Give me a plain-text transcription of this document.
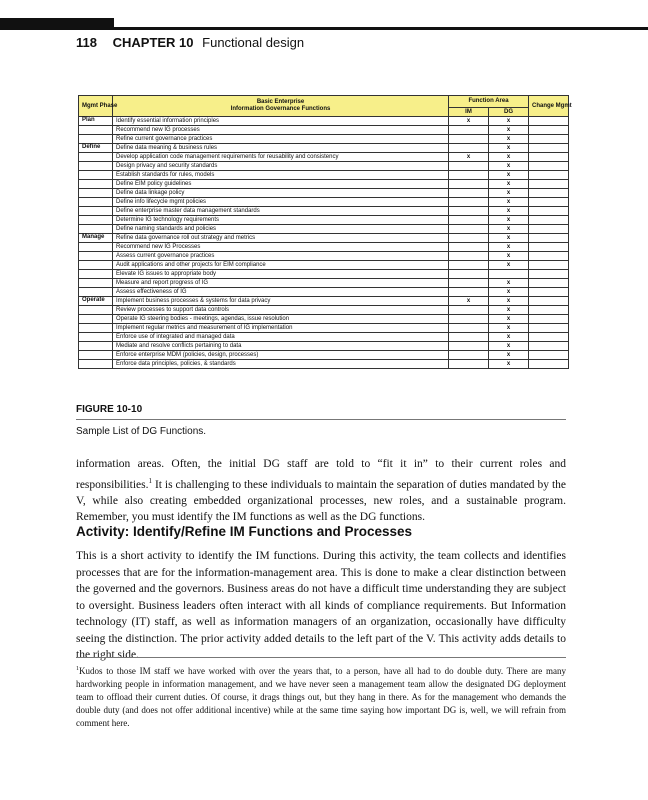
118 CHAPTER 10 Functional design
Mgmt Phase	Basic Enterprise
Information Governance Functions	Function Area		Change Mgmt
		IM	DG	
Plan	Identify essential information principles	x	x	
	Recommend new IG processes		x	
	Refine current governance practices		x	
Define	Define data meaning & business rules		x	
	Develop application code management requirements for reusability and consistency	x	x	
	Design privacy and security standards		x	
	Establish standards for rules, models		x	
	Define EIM policy guidelines		x	
	Define data linkage policy		x	
	Define info lifecycle mgmt policies		x	
	Define enterprise master data management standards		x	
	Determine IG technology requirements		x	
	Define naming standards and policies		x	
Manage	Refine data governance roll out strategy and metrics		x	
	Recommend new IG Processes		x	
	Assess current governance practices		x	
	Audit applications and other projects for EIM compliance		x	
	Elevate IG issues to appropriate body			
	Measure and report progress of IG		x	
	Assess effectiveness of IG		x	
Operate	Implement business processes & systems for data privacy	x	x	
	Review processes to support data controls		x	
	Operate IG steering bodies - meetings, agendas, issue resolution		x	
	Implement regular metrics and measurement of IG implementation		x	
	Enforce use of integrated and managed data		x	
	Mediate and resolve conflicts pertaining to data		x	
	Enforce enterprise MDM (policies, design, processes)		x	
	Enforce data principles, policies, & standards		x	
FIGURE 10-10
Sample List of DG Functions.

information areas. Often, the initial DG staff are told to “fit it in” to their current roles and responsibilities.$^1$ It is challenging to these individuals to maintain the separation of duties mandated by the V, while also creating embedded organizational processes, new roles, and a sustainable program. Remember, you must identify the IM functions as well as the DG functions.

Activity: Identify/Refine IM Functions and Processes

This is a short activity to identify the IM functions. During this activity, the team collects and identifies processes that are for the information-management area. This is done to make a clear distinction between the governed and the governors. Business areas do not have a difficult time understanding they are subject to oversight. Business leaders often interact with all kinds of compliance requirements. But Information technology (IT) staff, as well as information managers of an organization, occasionally have difficulty seeing the distinction. The prior activity added details to the left part of the V. This activity adds details to the right side.

$^1$Kudos to those IM staff we have worked with over the years that, to a person, have all had to do double duty. There are many hardworking people in information management, and we have never seen a management team allow the designated DG deployment team to offload their current duties. Of course, it drags things out, but they hang in there. As for the management who demands the double duty (and does not offer additional incentive) while at the same time saying how important DG is, well, we will refrain from comment here.
